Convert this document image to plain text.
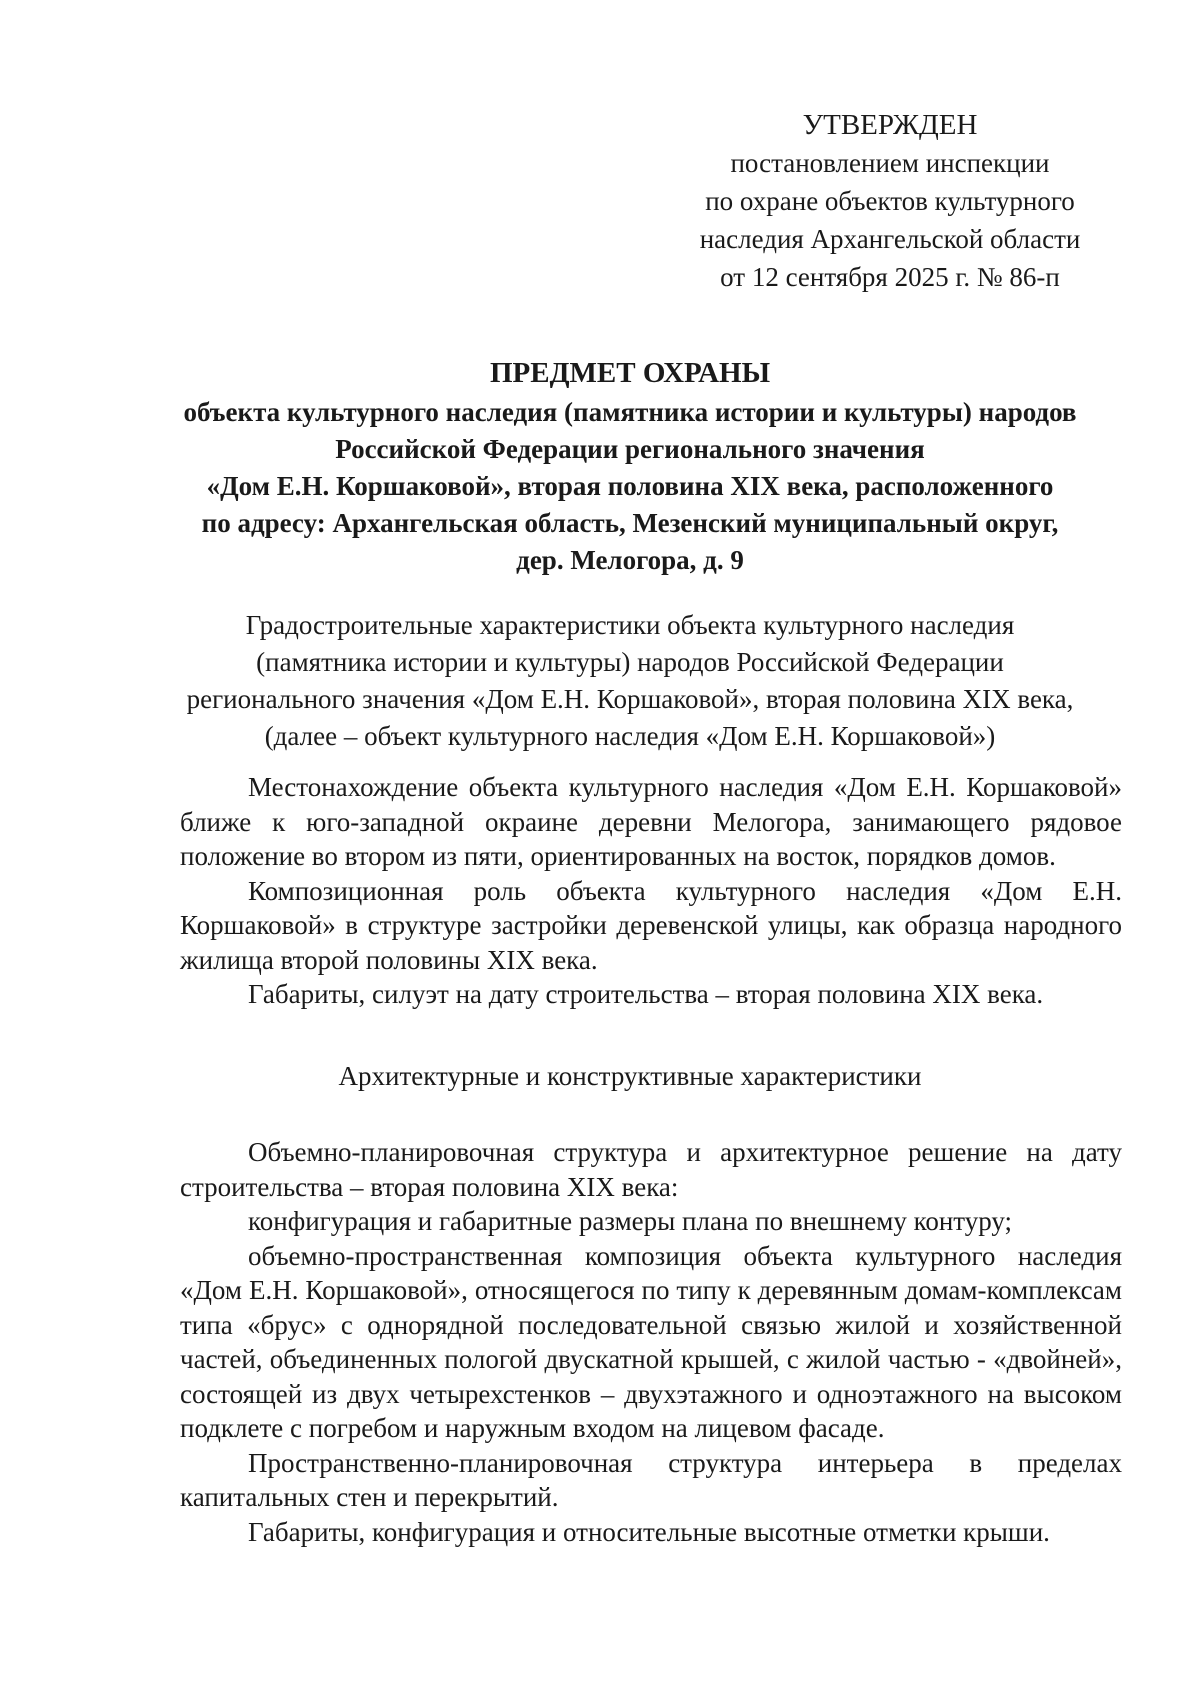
УТВЕРЖДЕН
постановлением инспекции
по охране объектов культурного
наследия Архангельской области
от 12 сентября 2025 г. № 86-п
ПРЕДМЕТ ОХРАНЫ
объекта культурного наследия (памятника истории и культуры) народов
Российской Федерации регионального значения
«Дом Е.Н. Коршаковой», вторая половина XIX века, расположенного
по адресу: Архангельская область, Мезенский муниципальный округ,
дер. Мелогора, д. 9
Градостроительные характеристики объекта культурного наследия
(памятника истории и культуры) народов Российской Федерации
регионального значения «Дом Е.Н. Коршаковой», вторая половина XIX века,
(далее – объект культурного наследия «Дом Е.Н. Коршаковой»)

Местонахождение объекта культурного наследия «Дом Е.Н. Коршаковой» ближе к юго-западной окраине деревни Мелогора, занимающего рядовое положение во втором из пяти, ориентированных на восток, порядков домов.

Композиционная роль объекта культурного наследия «Дом Е.Н. Коршаковой» в структуре застройки деревенской улицы, как образца народного жилища второй половины XIX века.

Габариты, силуэт на дату строительства – вторая половина XIX века.

Архитектурные и конструктивные характеристики

Объемно-планировочная структура и архитектурное решение на дату строительства – вторая половина XIX века:

конфигурация и габаритные размеры плана по внешнему контуру;

объемно-пространственная композиция объекта культурного наследия «Дом Е.Н. Коршаковой», относящегося по типу к деревянным домам-комплексам типа «брус» с однорядной последовательной связью жилой и хозяйственной частей, объединенных пологой двускатной крышей, с жилой частью - «двойней», состоящей из двух четырехстенков – двухэтажного и одноэтажного на высоком подклете с погребом и наружным входом на лицевом фасаде.

Пространственно-планировочная структура интерьера в пределах капитальных стен и перекрытий.

Габариты, конфигурация и относительные высотные отметки крыши.
